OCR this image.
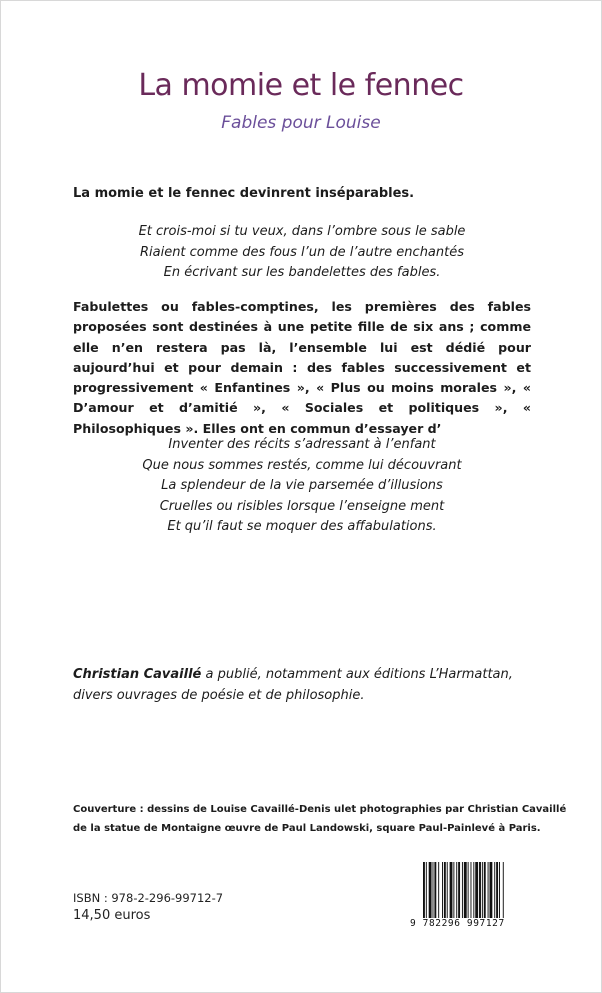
La momie et le fennec
Fables pour Louise
La momie et le fennec devinrent inséparables.
Et crois-moi si tu veux, dans l’ombre sous le sable
Riaient comme des fous l’un de l’autre enchantés
En écrivant sur les bandelettes des fables.
Fabulettes ou fables-comptines, les premières des fables proposées sont destinées à une petite fille de six ans ; comme elle n’en restera pas là, l’ensemble lui est dédié pour aujourd’hui et pour demain : des fables successivement et progressivement « Enfantines », « Plus ou moins morales », « D’amour et d’amitié », « Sociales et politiques », « Philosophiques ». Elles ont en commun d’essayer d’
Inventer des récits s’adressant à l’enfant
Que nous sommes restés, comme lui découvrant
La splendeur de la vie parsemée d’illusions
Cruelles ou risibles lorsque l’enseigne ment
Et qu’il faut se moquer des affabulations.
Christian Cavaillé a publié, notamment aux éditions L’Harmattan, divers ouvrages de poésie et de philosophie.
Couverture : dessins de Louise Cavaillé-Denis ulet photographies par Christian Cavaillé
de la statue de Montaigne œuvre de Paul Landowski, square Paul-Painlevé à Paris.
ISBN : 978-2-296-99712-7
14,50 euros
9 782296 997127
